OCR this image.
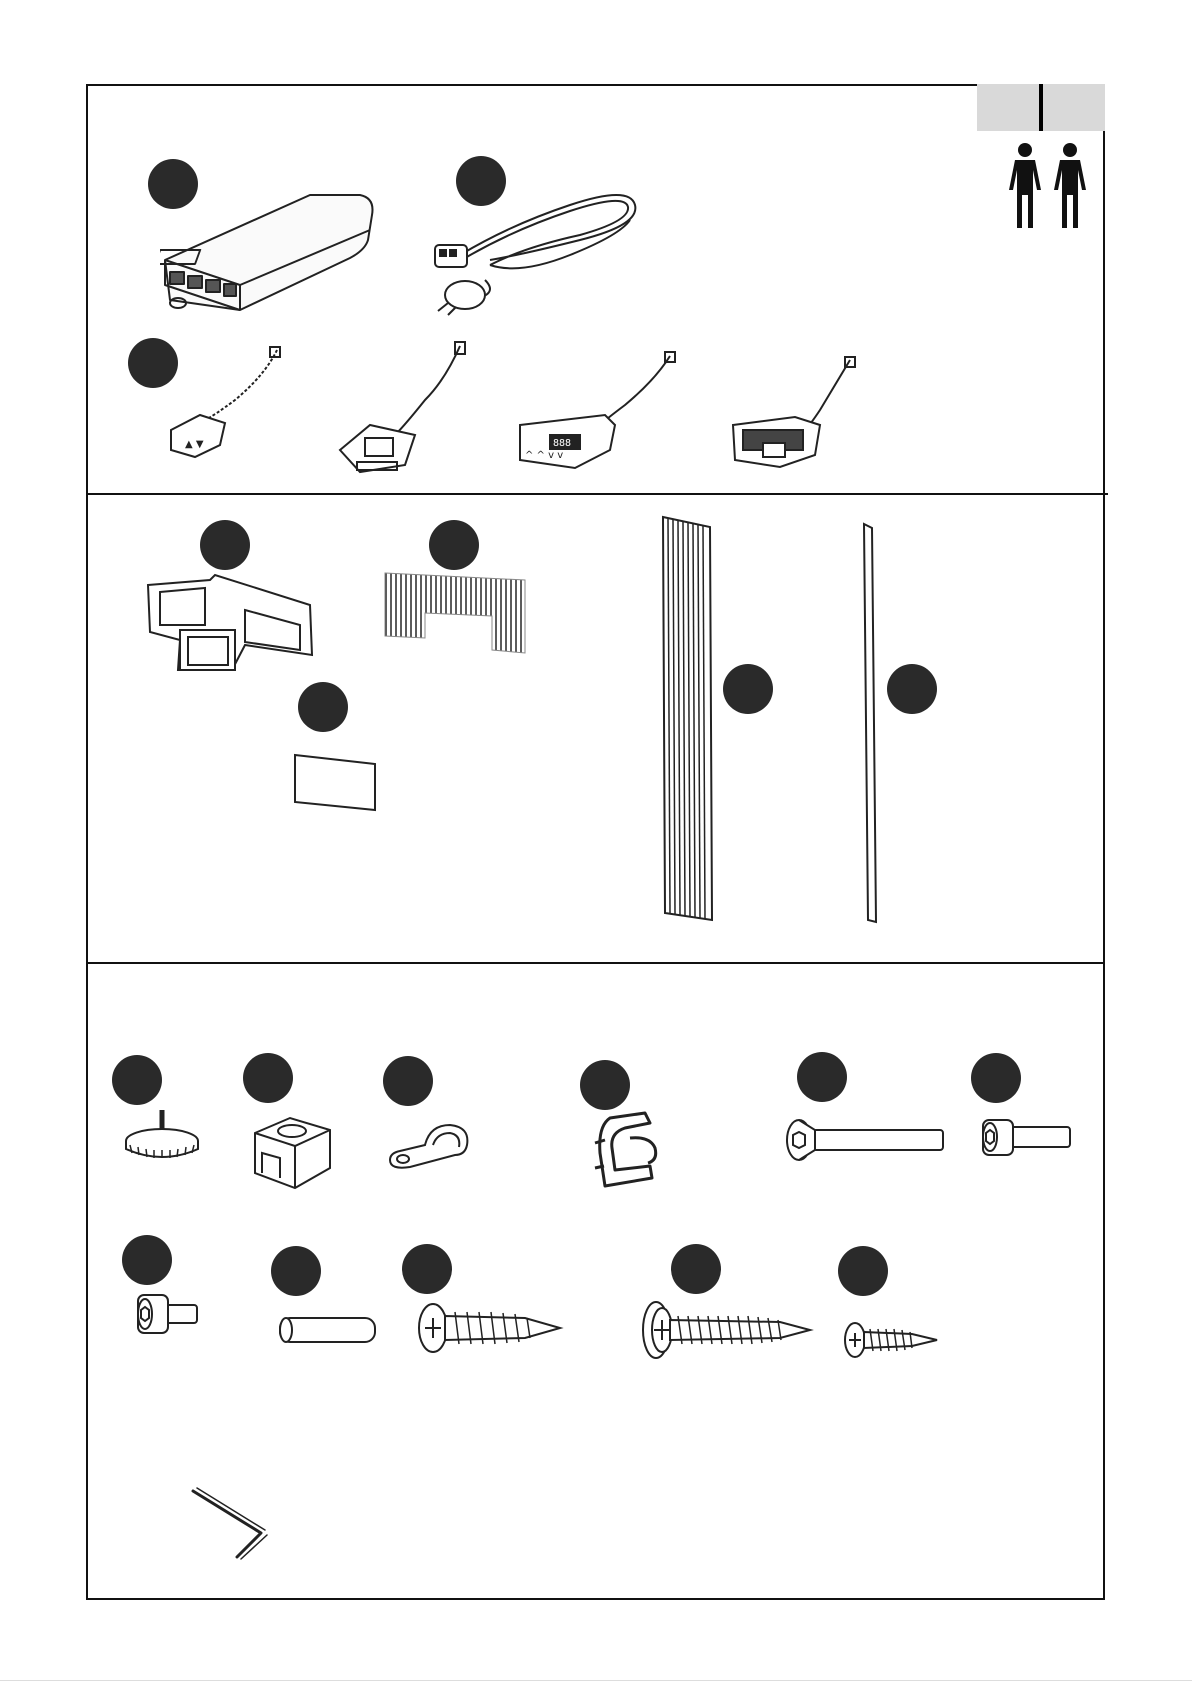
▲ ▼	888
^ ^ v v
